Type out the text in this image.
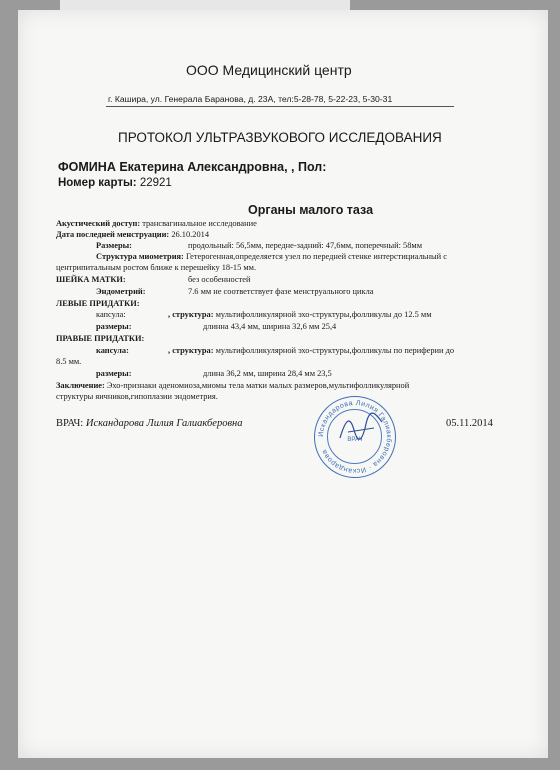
ООО Медицинский центр
г. Кашира, ул. Генерала Баранова, д. 23А, тел:5-28-78, 5-22-23, 5-30-31
ПРОТОКОЛ УЛЬТРАЗВУКОВОГО ИССЛЕДОВАНИЯ
ФОМИНА Екатерина Александровна, , Пол:
Номер карты: 22921
Органы малого таза
Акустический доступ: трансвагинальное исследование
Дата последней менструации: 26.10.2014
Размеры:	продольный: 56,5мм, передне-задний: 47,6мм, поперечный: 58мм
Структура миометрия: Гетерогенная,определяется узел по передней стенке интерстициальный с
центрипитальным ростом ближе к перешейку 18-15 мм.
ШЕЙКА МАТКИ:	без особенностей
Эндометрий:	7.6 мм не соответствует фазе менструального цикла
ЛЕВЫЕ ПРИДАТКИ:
капсула:	, структура: мультифолликулярной эхо-структуры,фолликулы до 12.5 мм
размеры:	длинна 43,4 мм, ширина 32,6 мм 25,4
ПРАВЫЕ ПРИДАТКИ:
капсула:	, структура: мультифолликулярной эхо-структуры,фолликулы по периферии до
8.5 мм.
размеры:	длина 36,2 мм, ширина 28,4 мм 23,5
Заключение: Эхо-признаки аденомиоза,миомы тела матки малых размеров,мультифолликулярной
структуры яичников,гипоплазии эндометрия.
ВРАЧ: Искандарова Лилия Галиакберовна	05.11.2014
Искандарова Лилия Галиакберовна · Искандарова
ВРАЧ
